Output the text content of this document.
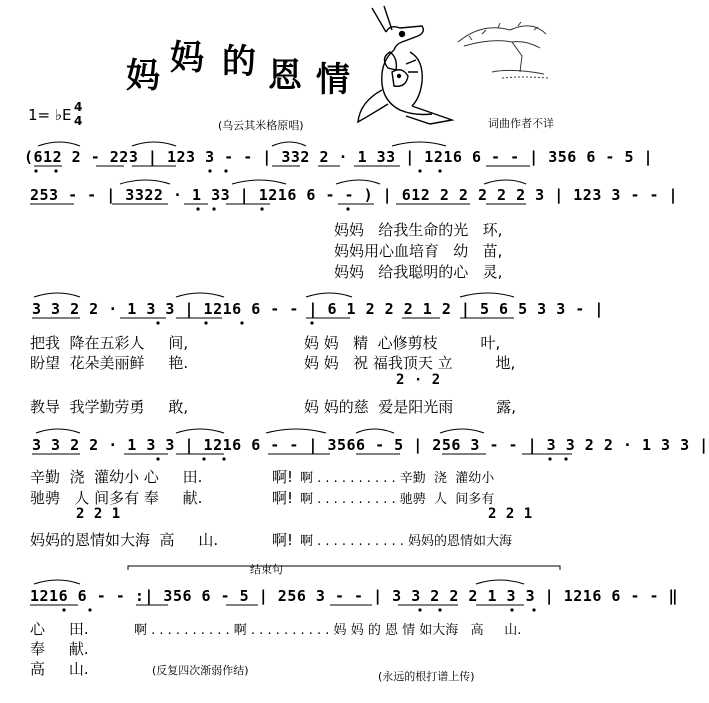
妈 妈 的 恩 情
1= ♭E 4
4	(乌云其米格原唱)	词曲作者不详
(612 2 - 223 | 123 3 - - | 332 2 · 1 33 | 1216 6 - - | 356 6 - 5 |
253 - - | 3322 · 1 33 | 1216 6 - - ) | 612 2 2 2 2 2 3 | 123 3 - - |
妈妈   给我生命的光   环,
妈妈用心血培育   幼   苗,
妈妈   给我聪明的心   灵,
3 3 2 2 · 1 3 3 | 1216 6 - - | 6 1 2 2 2 1 2 | 5 6 5 3 3 - |
把我  降在五彩人     间,
盼望  花朵美丽鲜     艳.
教导  我学勤劳勇     敢,
妈 妈   精  心修剪枝         叶,
妈 妈   祝 福我顶天 立         地,
妈 妈的慈  爱是阳光雨         露,
2 · 2
3 3 2 2 · 1 3 3 | 1216 6 - - | 3566 - 5 | 256 3 - - | 3 3 2 2 · 1 3 3 |
辛勤  浇  灌幼小 心     田.
驰骋   人 间多有 奉     献.
妈妈的恩情如大海  高     山.
啊!
啊!
啊!
啊 . . . . . . . . . . 辛勤  浇  灌幼小
啊 . . . . . . . . . . 驰骋  人  间多有
啊 . . . . . . . . . . . 妈妈的恩情如大海
2 2 1	2 2 1
结束句
1216 6 - - :| 356 6 - 5 | 256 3 - - | 3 3 2 2 2 1 3 3 | 1216 6 - - ‖
心     田.
奉     献.
高     山.
啊 . . . . . . . . . . 啊 . . . . . . . . . . 妈 妈 的 恩 情 如大海   高     山.
(反复四次渐弱作结)	(永远的根打谱上传)
